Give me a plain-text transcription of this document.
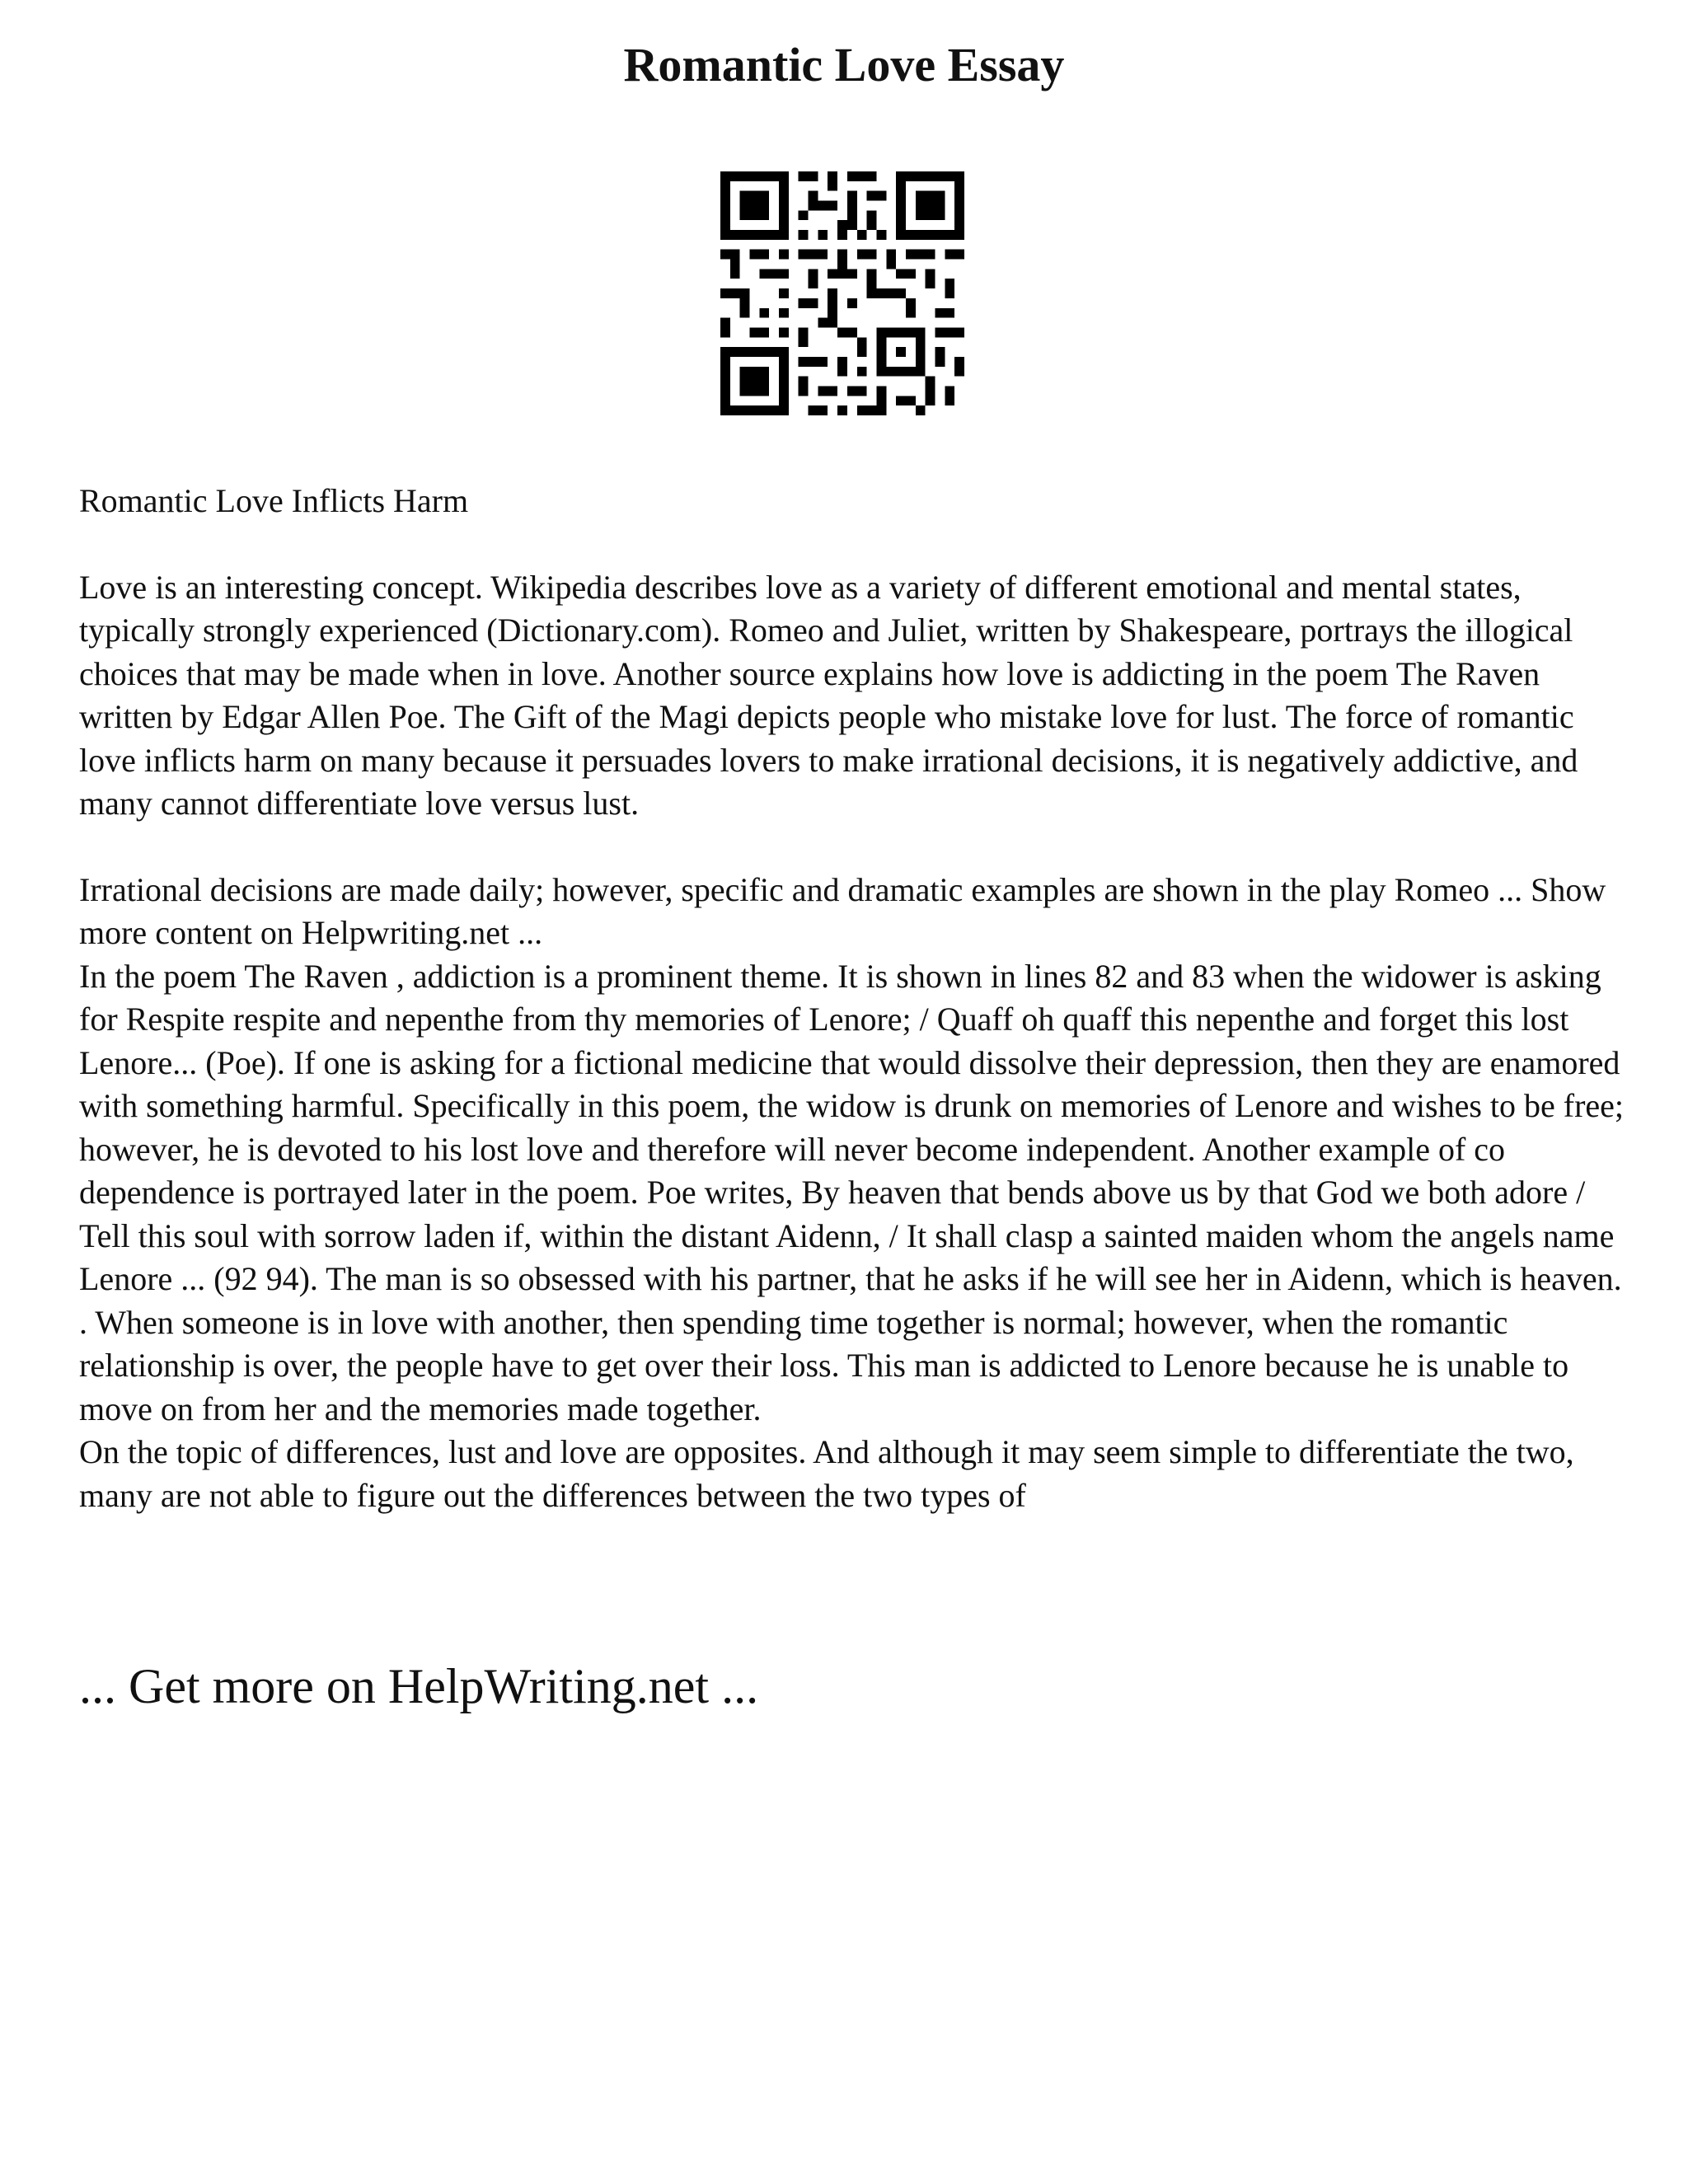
Romantic Love Essay

Romantic Love Inflicts Harm

Love is an interesting concept. Wikipedia describes love as a variety of different emotional and mental states, typically strongly experienced (Dictionary.com). Romeo and Juliet, written by Shakespeare, portrays the illogical choices that may be made when in love. Another source explains how love is addicting in the poem The Raven written by Edgar Allen Poe. The Gift of the Magi depicts people who mistake love for lust. The force of romantic love inflicts harm on many because it persuades lovers to make irrational decisions, it is negatively addictive, and many cannot differentiate love versus lust.

Irrational decisions are made daily; however, specific and dramatic examples are shown in the play Romeo ... Show more content on Helpwriting.net ...

In the poem The Raven , addiction is a prominent theme. It is shown in lines 82 and 83 when the widower is asking for Respite respite and nepenthe from thy memories of Lenore; / Quaff oh quaff this nepenthe and forget this lost Lenore... (Poe). If one is asking for a fictional medicine that would dissolve their depression, then they are enamored with something harmful. Specifically in this poem, the widow is drunk on memories of Lenore and wishes to be free; however, he is devoted to his lost love and therefore will never become independent. Another example of co dependence is portrayed later in the poem. Poe writes, By heaven that bends above us by that God we both adore / Tell this soul with sorrow laden if, within the distant Aidenn, / It shall clasp a sainted maiden whom the angels name Lenore ... (92 94). The man is so obsessed with his partner, that he asks if he will see her in Aidenn, which is heaven. . When someone is in love with another, then spending time together is normal; however, when the romantic relationship is over, the people have to get over their loss. This man is addicted to Lenore because he is unable to move on from her and the memories made together.

On the topic of differences, lust and love are opposites. And although it may seem simple to differentiate the two, many are not able to figure out the differences between the two types of

... Get more on HelpWriting.net ...
